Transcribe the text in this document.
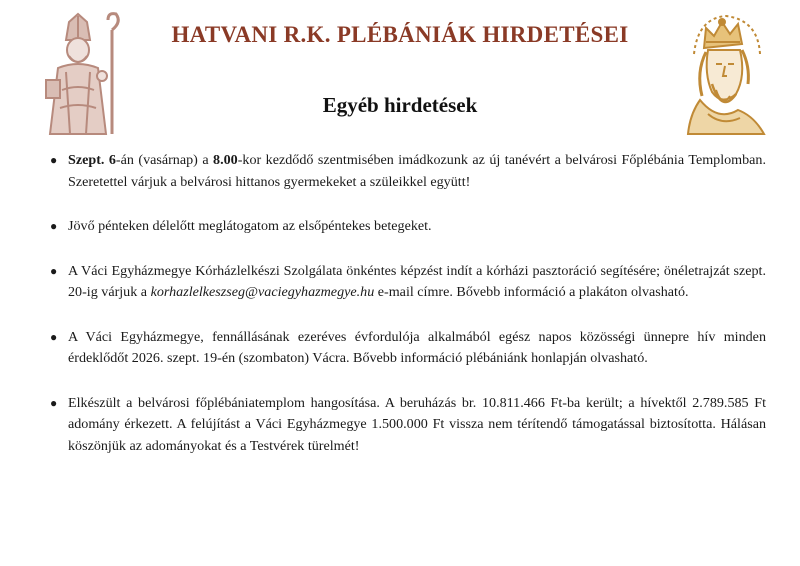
HATVANI R.K. PLÉBÁNIÁK HIRDETÉSEI
Egyéb hirdetések
● Szept. 6-án (vasárnap) a 8.00-kor kezdődő szentmisében imádkozunk az új tanévért a belvárosi Főplébánia Templomban. Szeretettel várjuk a belvárosi hittanos gyermekeket a szüleikkel együtt!
● Jövő pénteken délelőtt meglátogatom az elsőpéntekes betegeket.
● A Váci Egyházmegye Kórházlelkészi Szolgálata önkéntes képzést indít a kórházi pasztoráció segítésére; önéletrajzát szept. 20-ig várjuk a korhazlelkeszseg@vaciegyhazmegye.hu e-mail címre. Bővebb információ a plakáton olvasható.
● A Váci Egyházmegye, fennállásának ezeréves évfordulója alkalmából egész napos közösségi ünnepre hív minden érdeklődőt 2026. szept. 19-én (szombaton) Vácra. Bővebb információ plébániánk honlapján olvasható.
● Elkészült a belvárosi főplébániatemplom hangosítása. A beruházás br. 10.811.466 Ft-ba került; a hívektől 2.789.585 Ft adomány érkezett. A felújítást a Váci Egyházmegye 1.500.000 Ft vissza nem térítendő támogatással biztosította. Hálásan köszönjük az adományokat és a Testvérek türelmét!
